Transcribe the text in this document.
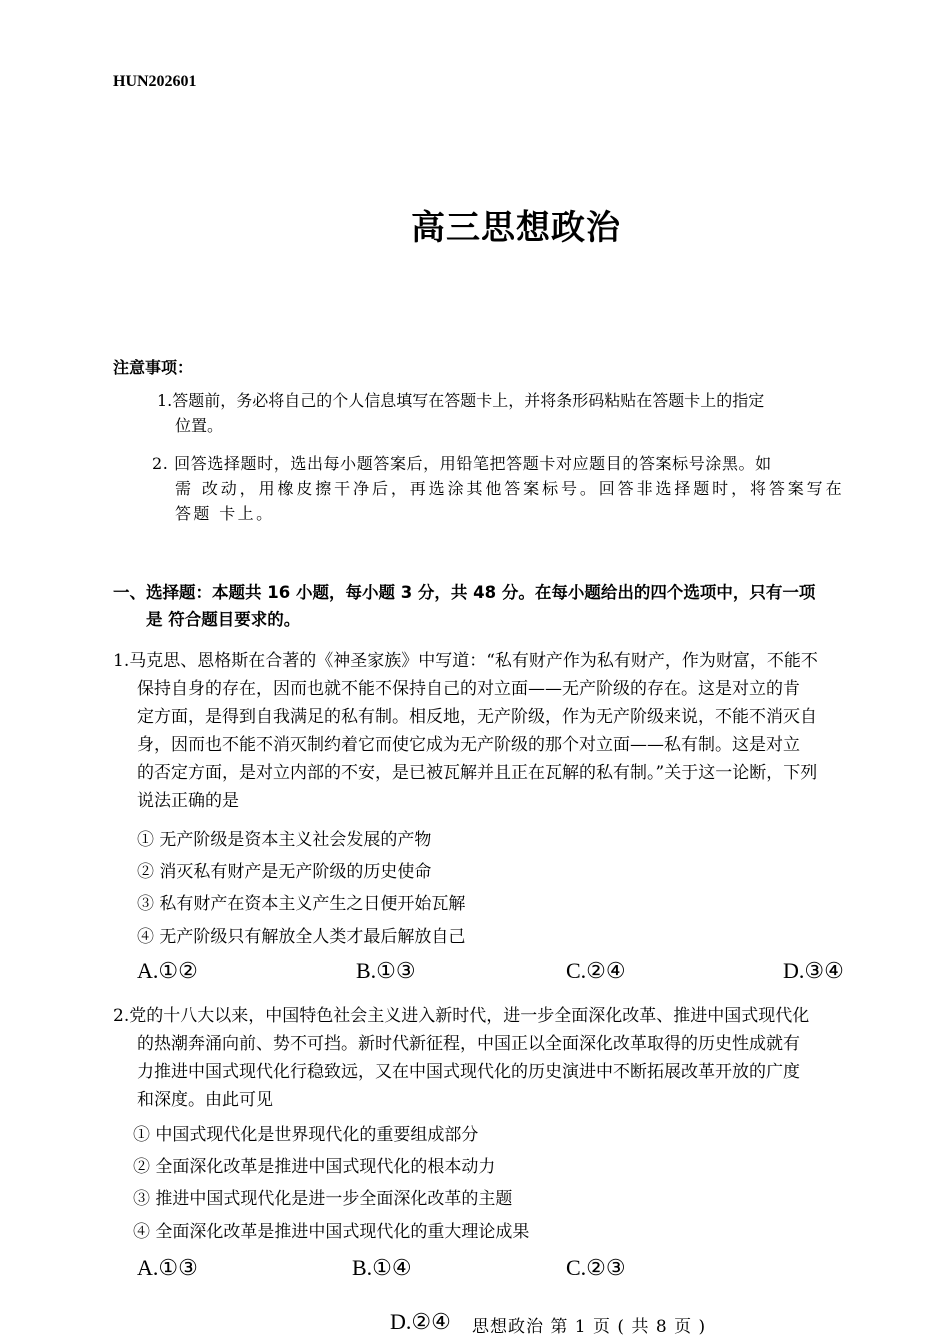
HUN202601
高三思想政治
注意事项：
1.答题前，务必将自己的个人信息填写在答题卡上，并将条形码粘贴在答题卡上的指定
位置。
2. 回答选择题时，选出每小题答案后，用铅笔把答题卡对应题目的答案标号涂黑。如
需 改动，用橡皮擦干净后，再选涂其他答案标号。回答非选择题时，将答案写在
答题 卡上。
一、选择题：本题共 16 小题，每小题 3 分，共 48 分。在每小题给出的四个选项中，只有一项
是 符合题目要求的。
1.马克思、恩格斯在合著的《神圣家族》中写道：“私有财产作为私有财产，作为财富，不能不
保持自身的存在，因而也就不能不保持自己的对立面——无产阶级的存在。这是对立的肯
定方面，是得到自我满足的私有制。相反地，无产阶级，作为无产阶级来说，不能不消灭自
身，因而也不能不消灭制约着它而使它成为无产阶级的那个对立面——私有制。这是对立
的否定方面，是对立内部的不安，是已被瓦解并且正在瓦解的私有制。”关于这一论断，下列
说法正确的是
① 无产阶级是资本主义社会发展的产物
② 消灭私有财产是无产阶级的历史使命
③ 私有财产在资本主义产生之日便开始瓦解
④ 无产阶级只有解放全人类才最后解放自己
A.①②	B.①③	C.②④	D.③④
2.党的十八大以来，中国特色社会主义进入新时代，进一步全面深化改革、推进中国式现代化
的热潮奔涌向前、势不可挡。新时代新征程，中国正以全面深化改革取得的历史性成就有
力推进中国式现代化行稳致远，又在中国式现代化的历史演进中不断拓展改革开放的广度
和深度。由此可见
① 中国式现代化是世界现代化的重要组成部分
② 全面深化改革是推进中国式现代化的根本动力
③ 推进中国式现代化是进一步全面深化改革的主题
④ 全面深化改革是推进中国式现代化的重大理论成果
A.①③	B.①④	C.②③
D.②④ 思想政治 第 1 页 ( 共 8 页 )
